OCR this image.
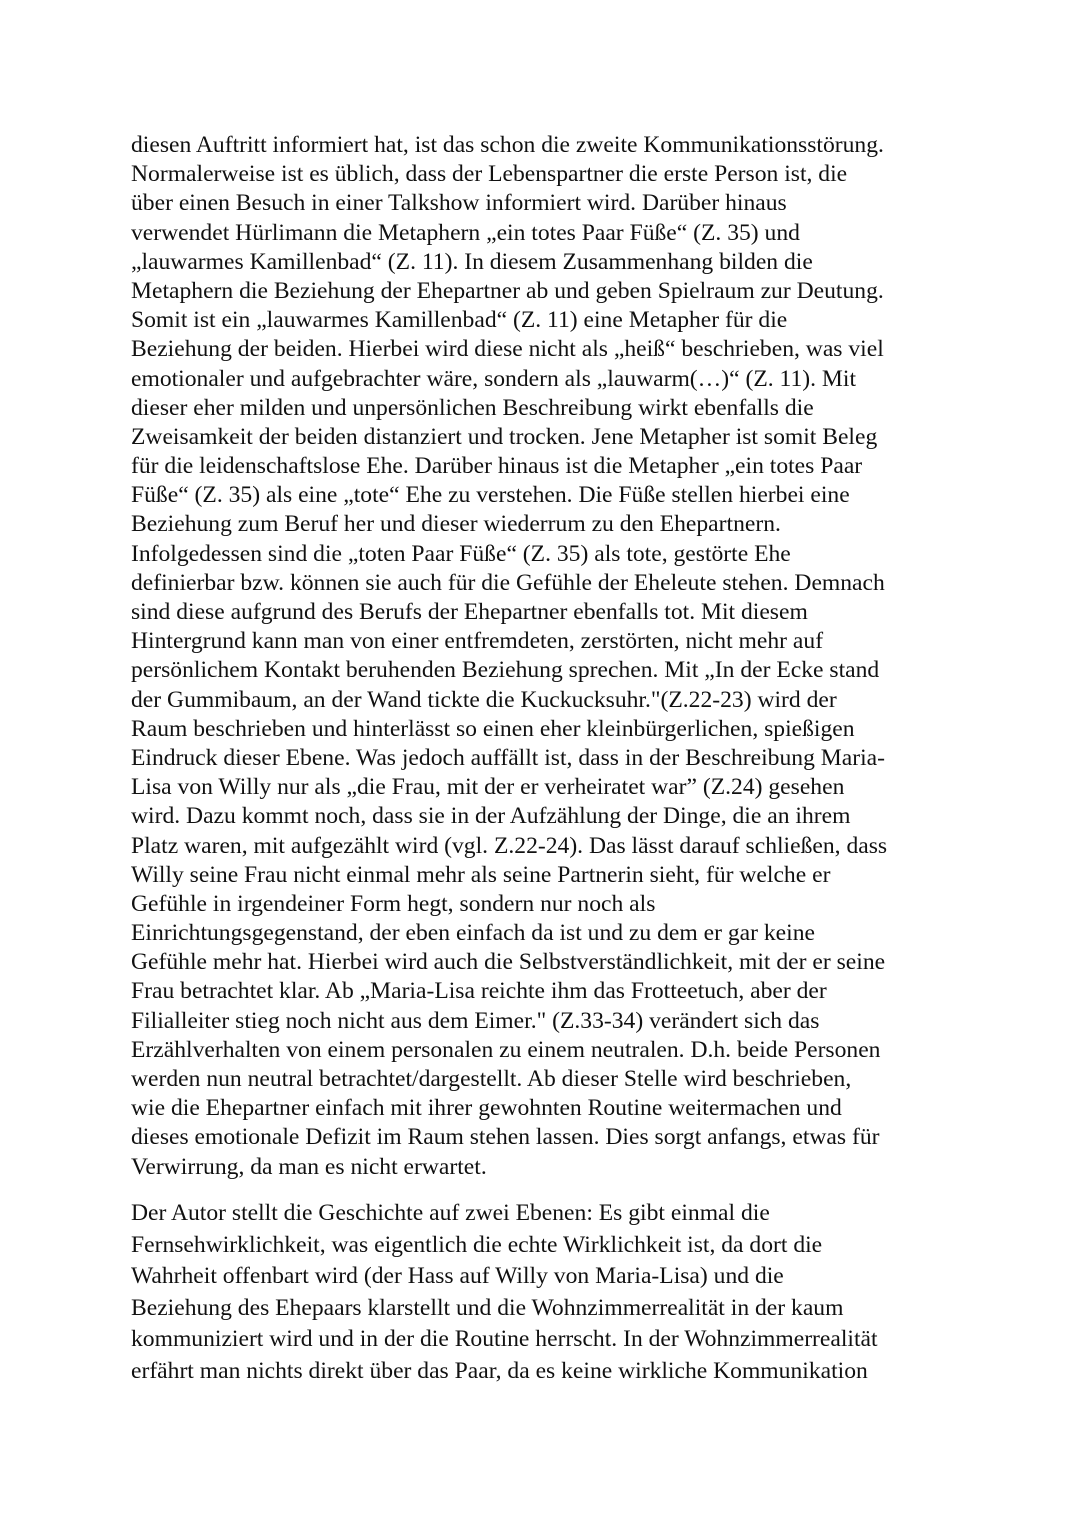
diesen Auftritt informiert hat, ist das schon die zweite Kommunikationsstörung.
Normalerweise ist es üblich, dass der Lebenspartner die erste Person ist, die
über einen Besuch in einer Talkshow informiert wird. Darüber hinaus
verwendet Hürlimann die Metaphern „ein totes Paar Füße“ (Z. 35) und
„lauwarmes Kamillenbad“ (Z. 11). In diesem Zusammenhang bilden die
Metaphern die Beziehung der Ehepartner ab und geben Spielraum zur Deutung.
Somit ist ein „lauwarmes Kamillenbad“ (Z. 11) eine Metapher für die
Beziehung der beiden. Hierbei wird diese nicht als „heiß“ beschrieben, was viel
emotionaler und aufgebrachter wäre, sondern als „lauwarm(…)“ (Z. 11). Mit
dieser eher milden und unpersönlichen Beschreibung wirkt ebenfalls die
Zweisamkeit der beiden distanziert und trocken. Jene Metapher ist somit Beleg
für die leidenschaftslose Ehe. Darüber hinaus ist die Metapher „ein totes Paar
Füße“ (Z. 35) als eine „tote“ Ehe zu verstehen. Die Füße stellen hierbei eine
Beziehung zum Beruf her und dieser wiederrum zu den Ehepartnern.
Infolgedessen sind die „toten Paar Füße“ (Z. 35) als tote, gestörte Ehe
definierbar bzw. können sie auch für die Gefühle der Eheleute stehen. Demnach
sind diese aufgrund des Berufs der Ehepartner ebenfalls tot. Mit diesem
Hintergrund kann man von einer entfremdeten, zerstörten, nicht mehr auf
persönlichem Kontakt beruhenden Beziehung sprechen. Mit „In der Ecke stand
der Gummibaum, an der Wand tickte die Kuckucksuhr."(Z.22-23) wird der
Raum beschrieben und hinterlässt so einen eher kleinbürgerlichen, spießigen
Eindruck dieser Ebene. Was jedoch auffällt ist, dass in der Beschreibung Maria-
Lisa von Willy nur als „die Frau, mit der er verheiratet war” (Z.24) gesehen
wird. Dazu kommt noch, dass sie in der Aufzählung der Dinge, die an ihrem
Platz waren, mit aufgezählt wird (vgl. Z.22-24). Das lässt darauf schließen, dass
Willy seine Frau nicht einmal mehr als seine Partnerin sieht, für welche er
Gefühle in irgendeiner Form hegt, sondern nur noch als
Einrichtungsgegenstand, der eben einfach da ist und zu dem er gar keine
Gefühle mehr hat. Hierbei wird auch die Selbstverständlichkeit, mit der er seine
Frau betrachtet klar. Ab „Maria-Lisa reichte ihm das Frotteetuch, aber der
Filialleiter stieg noch nicht aus dem Eimer." (Z.33-34) verändert sich das
Erzählverhalten von einem personalen zu einem neutralen. D.h. beide Personen
werden nun neutral betrachtet/dargestellt. Ab dieser Stelle wird beschrieben,
wie die Ehepartner einfach mit ihrer gewohnten Routine weitermachen und
dieses emotionale Defizit im Raum stehen lassen. Dies sorgt anfangs, etwas für
Verwirrung, da man es nicht erwartet.
Der Autor stellt die Geschichte auf zwei Ebenen: Es gibt einmal die
Fernsehwirklichkeit, was eigentlich die echte Wirklichkeit ist, da dort die
Wahrheit offenbart wird (der Hass auf Willy von Maria-Lisa) und die
Beziehung des Ehepaars klarstellt und die Wohnzimmerrealität in der kaum
kommuniziert wird und in der die Routine herrscht. In der Wohnzimmerrealität
erfährt man nichts direkt über das Paar, da es keine wirkliche Kommunikation
